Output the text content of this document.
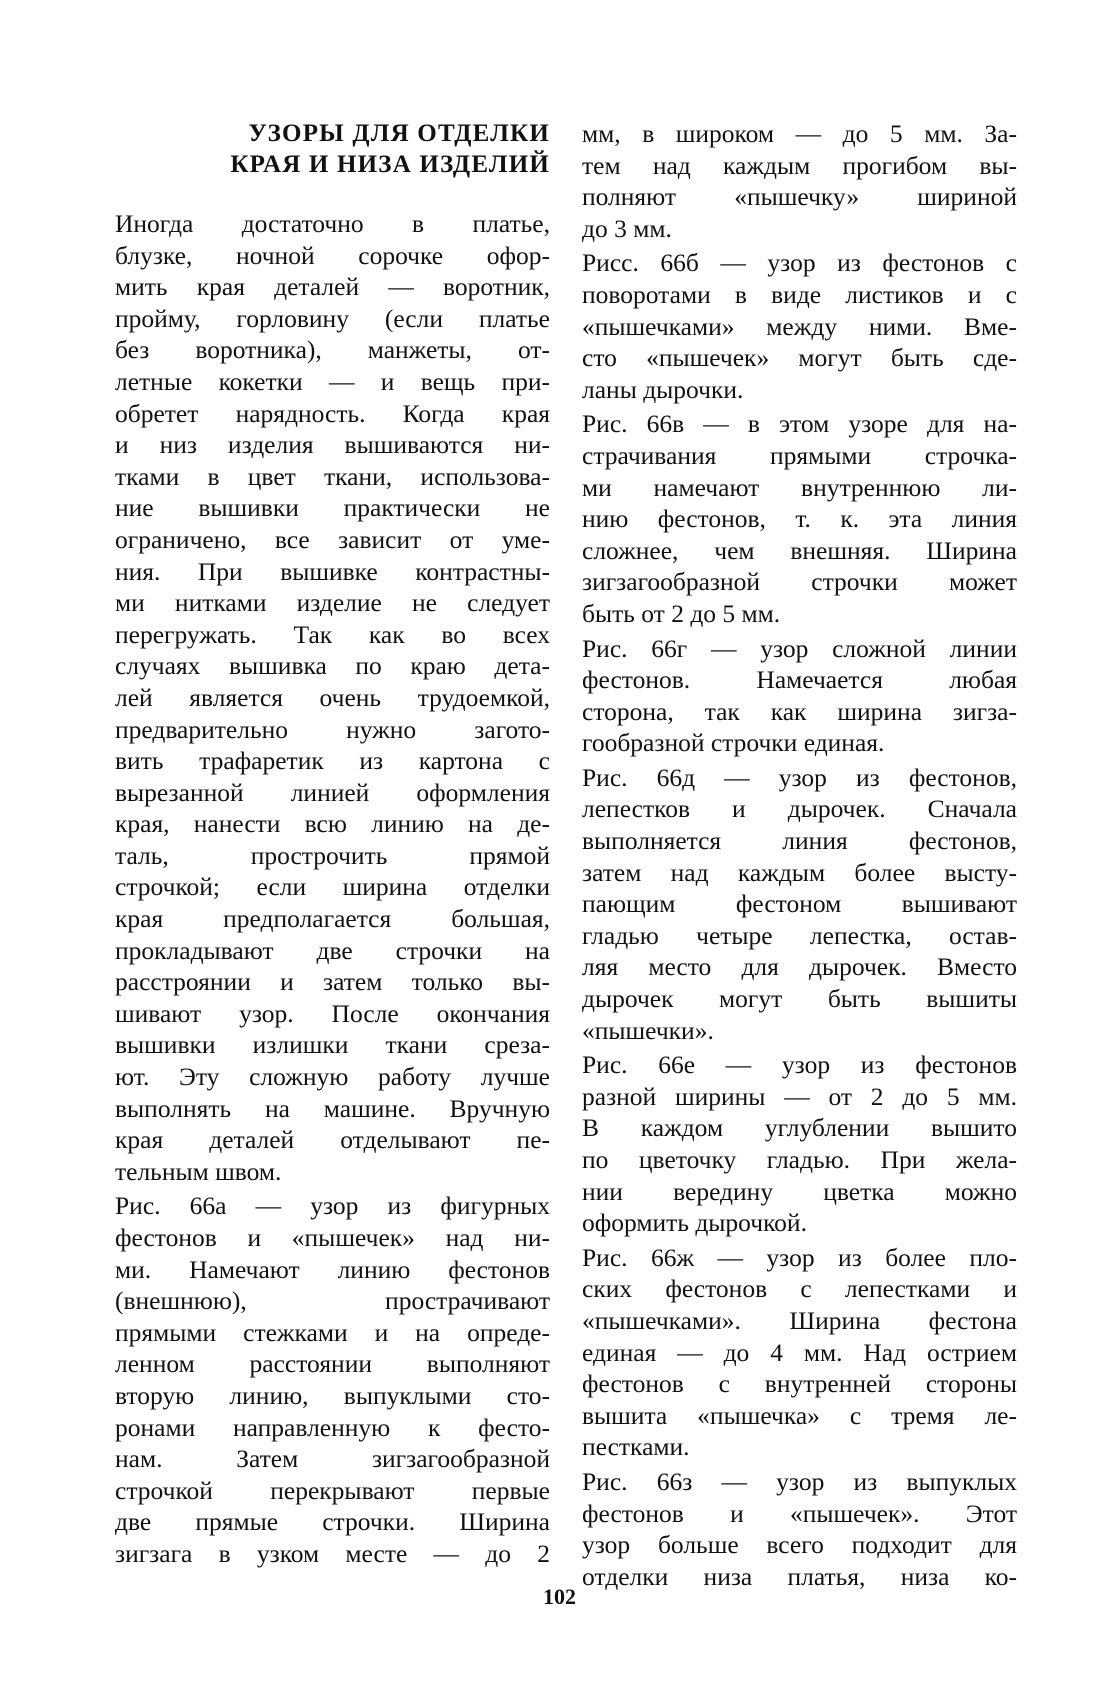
УЗОРЫ ДЛЯ ОТДЕЛКИ
КРАЯ И НИЗА ИЗДЕЛИЙ
Иногда достаточно в платье,
блузке, ночной сорочке офор-
мить края деталей — воротник,
пройму, горловину (если платье
без воротника), манжеты, от-
летные кокетки — и вещь при-
обретет нарядность. Когда края
и низ изделия вышиваются ни-
тками в цвет ткани, использова-
ние вышивки практически не
ограничено, все зависит от уме-
ния. При вышивке контрастны-
ми нитками изделие не следует
перегружать. Так как во всех
случаях вышивка по краю дета-
лей является очень трудоемкой,
предварительно нужно загото-
вить трафаретик из картона с
вырезанной линией оформления
края, нанести всю линию на де-
таль, прострочить прямой
строчкой; если ширина отделки
края предполагается большая,
прокладывают две строчки на
расстроянии и затем только вы-
шивают узор. После окончания
вышивки излишки ткани среза-
ют. Эту сложную работу лучше
выполнять на машине. Вручную
края деталей отделывают пе-
тельным швом.
Рис. 66а — узор из фигурных
фестонов и «пышечек» над ни-
ми. Намечают линию фестонов
(внешнюю), прострачивают
прямыми стежками и на опреде-
ленном расстоянии выполняют
вторую линию, выпуклыми сто-
ронами направленную к фесто-
нам. Затем зигзагообразной
строчкой перекрывают первые
две прямые строчки. Ширина
зигзага в узком месте — до 2
мм, в широком — до 5 мм. За-
тем над каждым прогибом вы-
полняют «пышечку» шириной
до 3 мм.
Рисс. 66б — узор из фестонов с
поворотами в виде листиков и с
«пышечками» между ними. Вме-
сто «пышечек» могут быть сде-
ланы дырочки.
Рис. 66в — в этом узоре для на-
страчивания прямыми строчка-
ми намечают внутреннюю ли-
нию фестонов, т. к. эта линия
сложнее, чем внешняя. Ширина
зигзагообразной строчки может
быть от 2 до 5 мм.
Рис. 66г — узор сложной линии
фестонов. Намечается любая
сторона, так как ширина зигза-
гообразной строчки единая.
Рис. 66д — узор из фестонов,
лепестков и дырочек. Сначала
выполняется линия фестонов,
затем над каждым более высту-
пающим фестоном вышивают
гладью четыре лепестка, остав-
ляя место для дырочек. Вместо
дырочек могут быть вышиты
«пышечки».
Рис. 66е — узор из фестонов
разной ширины — от 2 до 5 мм.
В каждом углублении вышито
по цветочку гладью. При жела-
нии вередину цветка можно
оформить дырочкой.
Рис. 66ж — узор из более пло-
ских фестонов с лепестками и
«пышечками». Ширина фестона
единая — до 4 мм. Над острием
фестонов с внутренней стороны
вышита «пышечка» с тремя ле-
пестками.
Рис. 66з — узор из выпуклых
фестонов и «пышечек». Этот
узор больше всего подходит для
отделки низа платья, низа ко-
102
